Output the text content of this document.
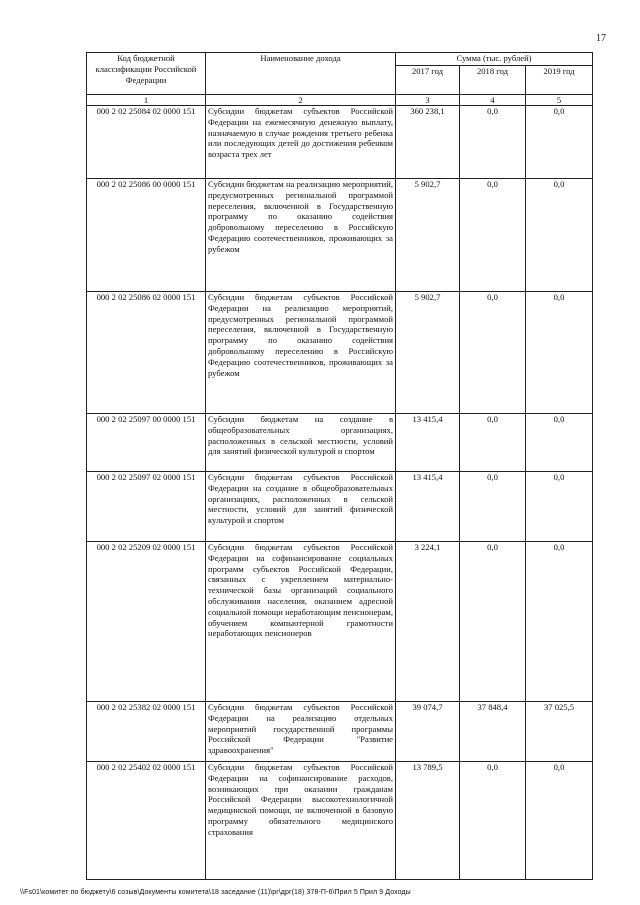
17
Код бюджетной классификации Российской Федерации	Наименование дохода	Сумма (тыс. рублей)		
		2017 год	2018 год	2019 год
1	2	3	4	5
000 2 02 25084 02 0000 151	Субсидии бюджетам субъектов Российской Федерации на ежемесячную денежную выплату, назначаемую в случае рождения третьего ребенка или последующих детей до достижения ребенком возраста трех лет	360 238,1	0,0	0,0
000 2 02 25086 00 0000 151	Субсидии бюджетам на реализацию мероприятий, предусмотренных региональной программой переселения, включенной в Государственную программу по оказанию содействия добровольному переселению в Российскую Федерацию соотечественников, проживающих за рубежом	5 902,7	0,0	0,0
000 2 02 25086 02 0000 151	Субсидии бюджетам субъектов Российской Федерации на реализацию мероприятий, предусмотренных региональной программой переселения, включенной в Государственную программу по оказанию содействия добровольному переселению в Российскую Федерацию соотечественников, проживающих за рубежом	5 902,7	0,0	0,0
000 2 02 25097 00 0000 151	Субсидии бюджетам на создание в общеобразовательных организациях, расположенных в сельской местности, условий для занятий физической культурой и спортом	13 415,4	0,0	0,0
000 2 02 25097 02 0000 151	Субсидии бюджетам субъектов Российской Федерации на создание в общеобразовательных организациях, расположенных в сельской местности, условий для занятий физической культурой и спортом	13 415,4	0,0	0,0
000 2 02 25209 02 0000 151	Субсидии бюджетам субъектов Российской Федерации на софинансирование социальных программ субъектов Российской Федерации, связанных с укреплением материально-технической базы организаций социального обслуживания населения, оказанием адресной социальной помощи неработающим пенсионерам, обучением компьютерной грамотности неработающих пенсионеров	3 224,1	0,0	0,0
000 2 02 25382 02 0000 151	Субсидии бюджетам субъектов Российской Федерации на реализацию отдельных мероприятий государственной программы Российской Федерации "Развитие здравоохранения"	39 074,7	37 848,4	37 025,5
000 2 02 25402 02 0000 151	Субсидии бюджетам субъектов Российской Федерации на софинансирование расходов, возникающих при оказании гражданам Российской Федерации высокотехнологичной медицинской помощи, не включенной в базовую программу обязательного медицинского страхования	13 789,5	0,0	0,0
\\Fs01\комитет по бюджету\6 созыв\Документы комитета\18 заседание (11)\pr\дрг(18) 378-П-6\Прил 5 Прил 9 Доходы
